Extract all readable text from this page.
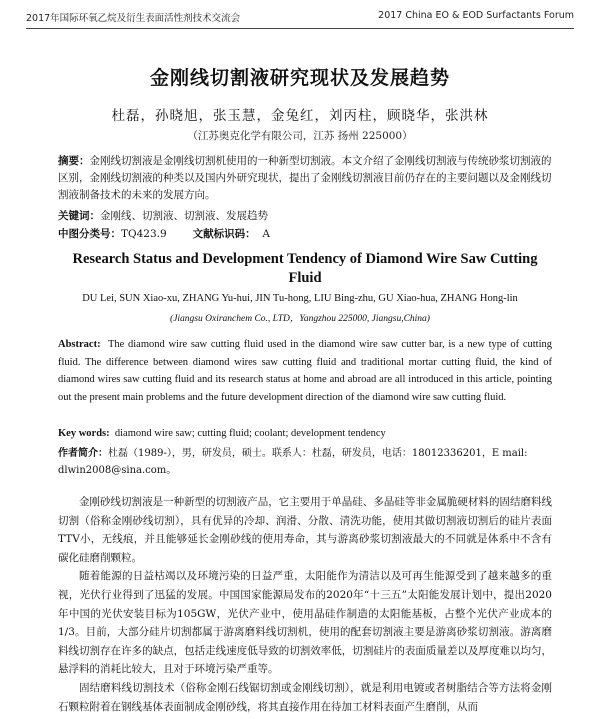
2017年国际环氧乙烷及衍生表面活性剂技术交流会	2017 China EO & EOD Surfactants Forum
金刚线切割液研究现状及发展趋势
杜磊，孙晓旭，张玉慧，金兔红，刘丙柱，顾晓华，张洪林
（江苏奥克化学有限公司，江苏 扬州 225000）
摘要：金刚线切割液是金刚线切割机使用的一种新型切割液。本文介绍了金刚线切割液与传统砂浆切割液的区别，金刚线切割液的种类以及国内外研究现状，提出了金刚线切割液目前仍存在的主要问题以及金刚线切割液制备技术的未来的发展方向。
关键词：金刚线、切割液、切割液、发展趋势
中图分类号：TQ423.9 文献标识码： A
Research Status and Development Tendency of Diamond Wire Saw Cutting Fluid
DU Lei, SUN Xiao-xu, ZHANG Yu-hui, JIN Tu-hong, LIU Bing-zhu, GU Xiao-hua, ZHANG Hong-lin
(Jiangsu Oxiranchem Co., LTD，Yangzhou 225000, Jiangsu,China)
Abstract: The diamond wire saw cutting fluid used in the diamond wire saw cutter bar, is a new type of cutting fluid. The difference between diamond wires saw cutting fluid and traditional mortar cutting fluid, the kind of diamond wires saw cutting fluid and its research status at home and abroad are all introduced in this article, pointing out the present main problems and the future development direction of the diamond wire saw cutting fluid.
Key words: diamond wire saw; cutting fluid; coolant; development tendency
作者简介：杜磊（1989-），男，研发员，硕士。联系人：杜磊，研发员，电话：18012336201，E mail: dlwin2008@sina.com。

金刚砂线切割液是一种新型的切割液产品，它主要用于单晶硅、多晶硅等非金属脆硬材料的固结磨料线切割（俗称金刚砂线切割），具有优异的冷却、润滑、分散、清洗功能，使用其做切割液切割后的硅片表面TTV小，无线痕，并且能够延长金刚砂线的使用寿命，其与游离砂浆切割液最大的不同就是体系中不含有碳化硅磨削颗粒。

随着能源的日益枯竭以及环境污染的日益严重，太阳能作为清洁以及可再生能源受到了越来越多的重视，光伏行业得到了迅猛的发展。中国国家能源局发布的2020年“十三五”太阳能发展计划中，提出2020年中国的光伏安装目标为105GW，光伏产业中，使用晶硅作制造的太阳能基板，占整个光伏产业成本的1/3。目前，大部分硅片切割都属于游离磨料线切割机，使用的配套切割液主要是游离砂浆切割液。游离磨料线切割存在许多的缺点，包括走线速度低导致的切割效率低，切割硅片的表面质量差以及厚度难以均匀，悬浮料的消耗比较大，且对于环境污染严重等。

固结磨料线切割技术（俗称金刚石线锯切割或金刚线切割），就是利用电镀或者树脂结合等方法将金刚石颗粒附着在钢线基体表面制成金刚砂线，将其直接作用在待加工材料表面产生磨削，从而
